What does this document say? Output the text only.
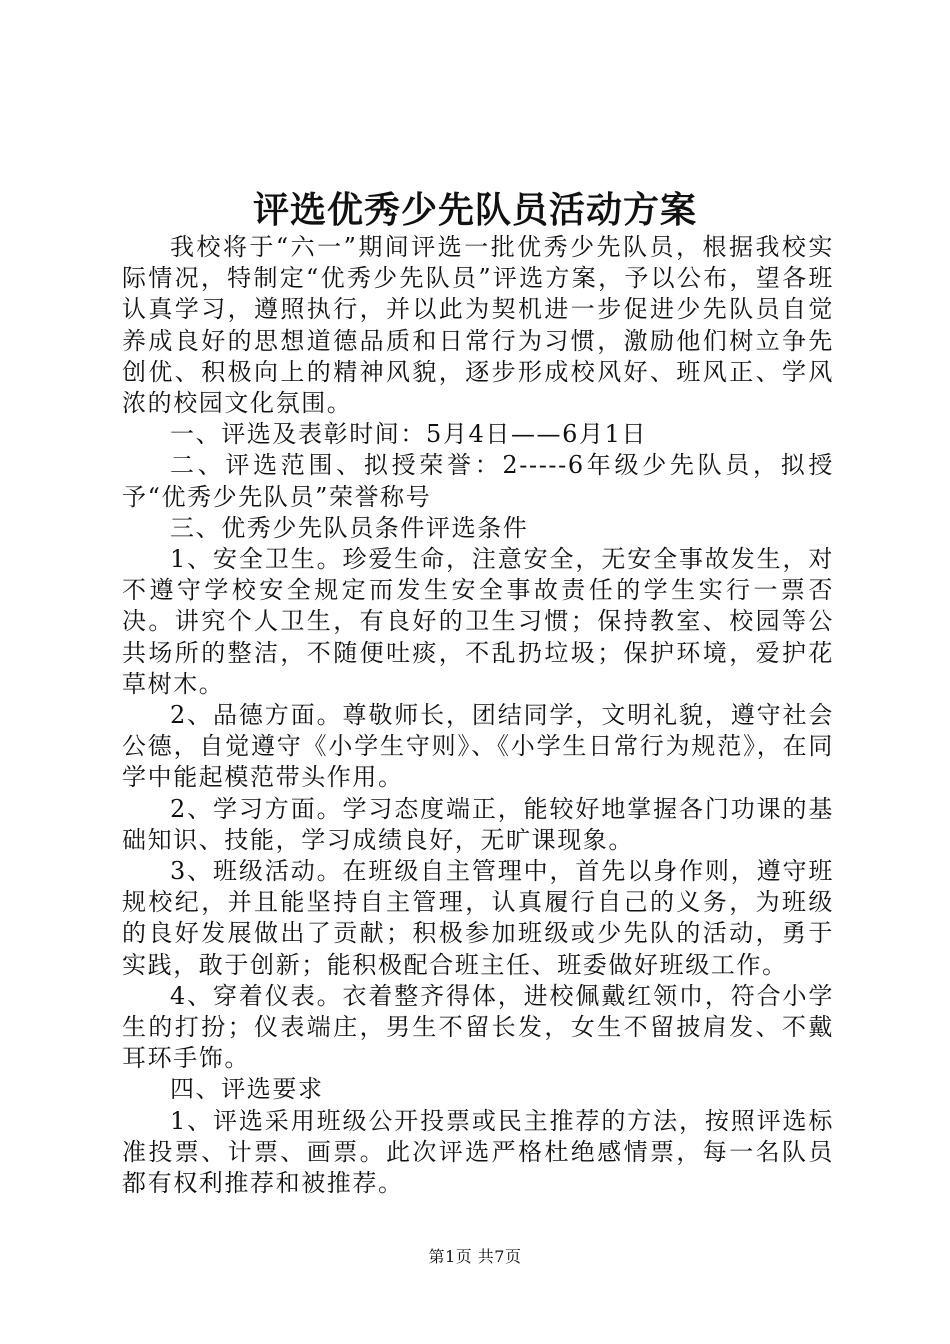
评选优秀少先队员活动方案

我校将于“六一”期间评选一批优秀少先队员，根据我校实际情况，特制定“优秀少先队员”评选方案，予以公布，望各班认真学习，遵照执行，并以此为契机进一步促进少先队员自觉养成良好的思想道德品质和日常行为习惯，激励他们树立争先创优、积极向上的精神风貌，逐步形成校风好、班风正、学风浓的校园文化氛围。

一、评选及表彰时间：5月4日——6月1日

二、评选范围、拟授荣誉：2-----6年级少先队员，拟授予“优秀少先队员”荣誉称号

三、优秀少先队员条件评选条件

1、安全卫生。珍爱生命，注意安全，无安全事故发生，对不遵守学校安全规定而发生安全事故责任的学生实行一票否决。讲究个人卫生，有良好的卫生习惯；保持教室、校园等公共场所的整洁，不随便吐痰，不乱扔垃圾；保护环境，爱护花草树木。

2、品德方面。尊敬师长，团结同学，文明礼貌，遵守社会公德，自觉遵守《小学生守则》、《小学生日常行为规范》，在同学中能起模范带头作用。

2、学习方面。学习态度端正，能较好地掌握各门功课的基础知识、技能，学习成绩良好，无旷课现象。

3、班级活动。在班级自主管理中，首先以身作则，遵守班规校纪，并且能坚持自主管理，认真履行自己的义务，为班级的良好发展做出了贡献；积极参加班级或少先队的活动，勇于实践，敢于创新；能积极配合班主任、班委做好班级工作。

4、穿着仪表。衣着整齐得体，进校佩戴红领巾，符合小学生的打扮；仪表端庄，男生不留长发，女生不留披肩发、不戴耳环手饰。

四、评选要求

1、评选采用班级公开投票或民主推荐的方法，按照评选标准投票、计票、画票。此次评选严格杜绝感情票，每一名队员都有权利推荐和被推荐。

第1页 共7页
